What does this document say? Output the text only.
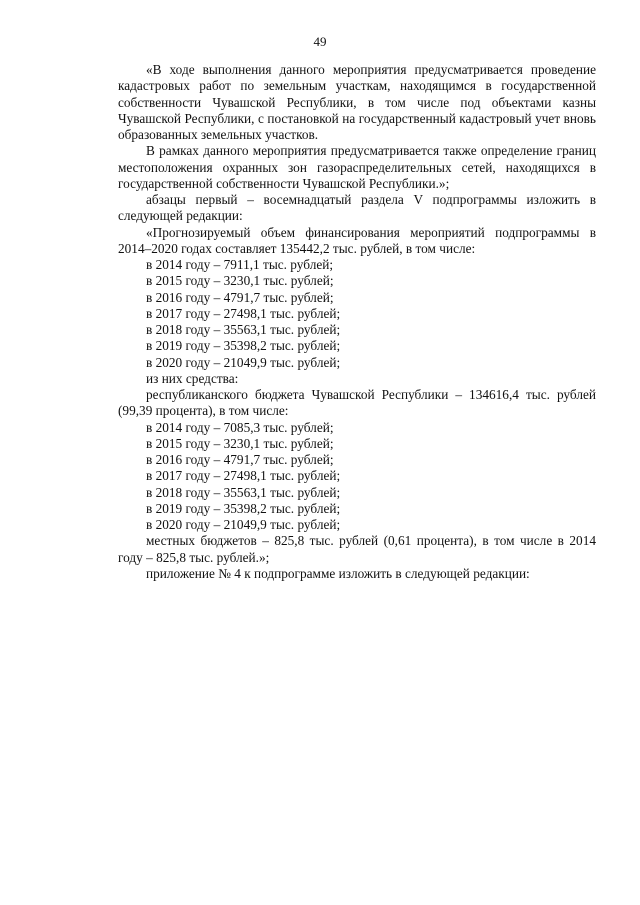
49

«В ходе выполнения данного мероприятия предусматривается проведение кадастровых работ по земельным участкам, находящимся в государственной собственности Чувашской Республики, в том числе под объектами казны Чувашской Республики, с постановкой на государственный кадастровый учет вновь образованных земельных участков.

В рамках данного мероприятия предусматривается также определение границ местоположения охранных зон газораспределительных сетей, находящихся в государственной собственности Чувашской Республики.»;

абзацы первый – восемнадцатый раздела V подпрограммы изложить в следующей редакции:

«Прогнозируемый объем финансирования мероприятий подпрограммы в 2014–2020 годах составляет 135442,2 тыс. рублей, в том числе:

в 2014 году – 7911,1 тыс. рублей;

в 2015 году – 3230,1 тыс. рублей;

в 2016 году – 4791,7 тыс. рублей;

в 2017 году – 27498,1 тыс. рублей;

в 2018 году – 35563,1 тыс. рублей;

в 2019 году – 35398,2 тыс. рублей;

в 2020 году – 21049,9 тыс. рублей;

из них средства:

республиканского бюджета Чувашской Республики – 134616,4 тыс. рублей (99,39 процента), в том числе:

в 2014 году – 7085,3 тыс. рублей;

в 2015 году – 3230,1 тыс. рублей;

в 2016 году – 4791,7 тыс. рублей;

в 2017 году – 27498,1 тыс. рублей;

в 2018 году – 35563,1 тыс. рублей;

в 2019 году – 35398,2 тыс. рублей;

в 2020 году – 21049,9 тыс. рублей;

местных бюджетов – 825,8 тыс. рублей (0,61 процента), в том числе в 2014 году – 825,8 тыс. рублей.»;

приложение № 4 к подпрограмме изложить в следующей редакции:
